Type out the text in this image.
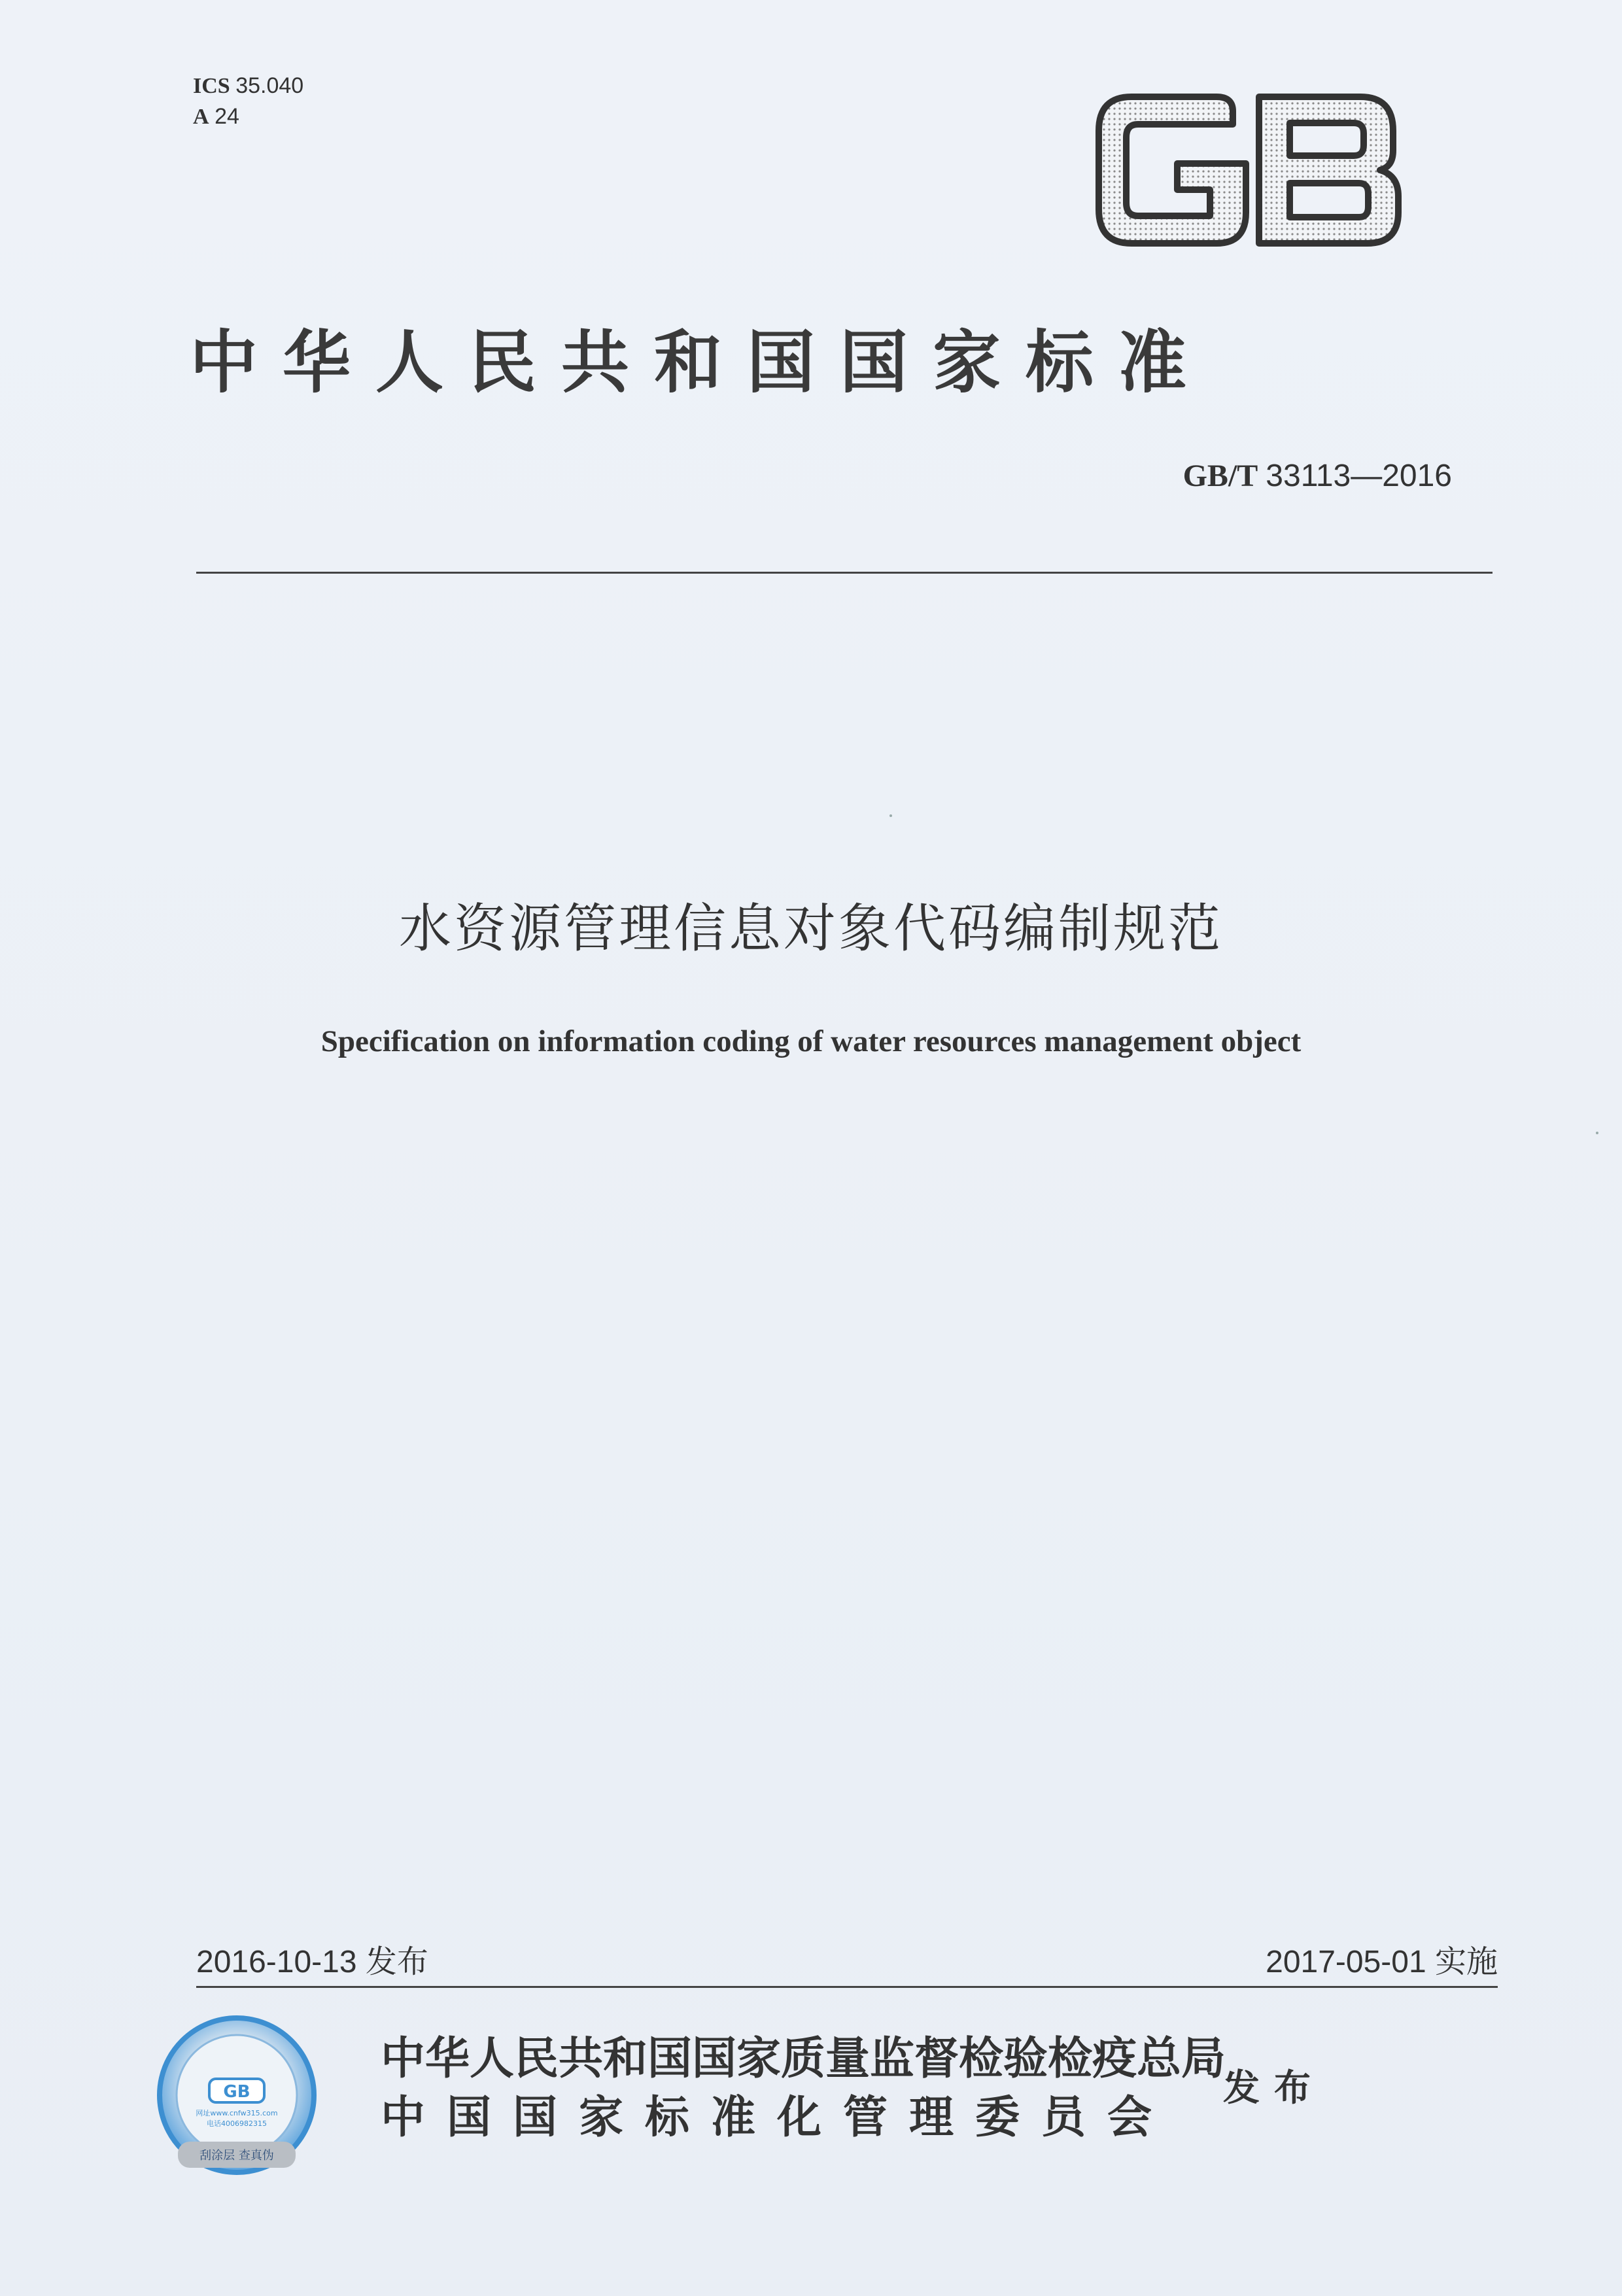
ICS 35.040
A 24
中华人民共和国国家标准
GB/T 33113—2016
水资源管理信息对象代码编制规范
Specification on information coding of water resources management object
2016-10-13 发布	2017-05-01 实施
GB
网址www.cnfw315.com
电话4006982315
刮涂层 查真伪
中华人民共和国国家质量监督检验检疫总局
中国国家标准化管理委员会
发布
